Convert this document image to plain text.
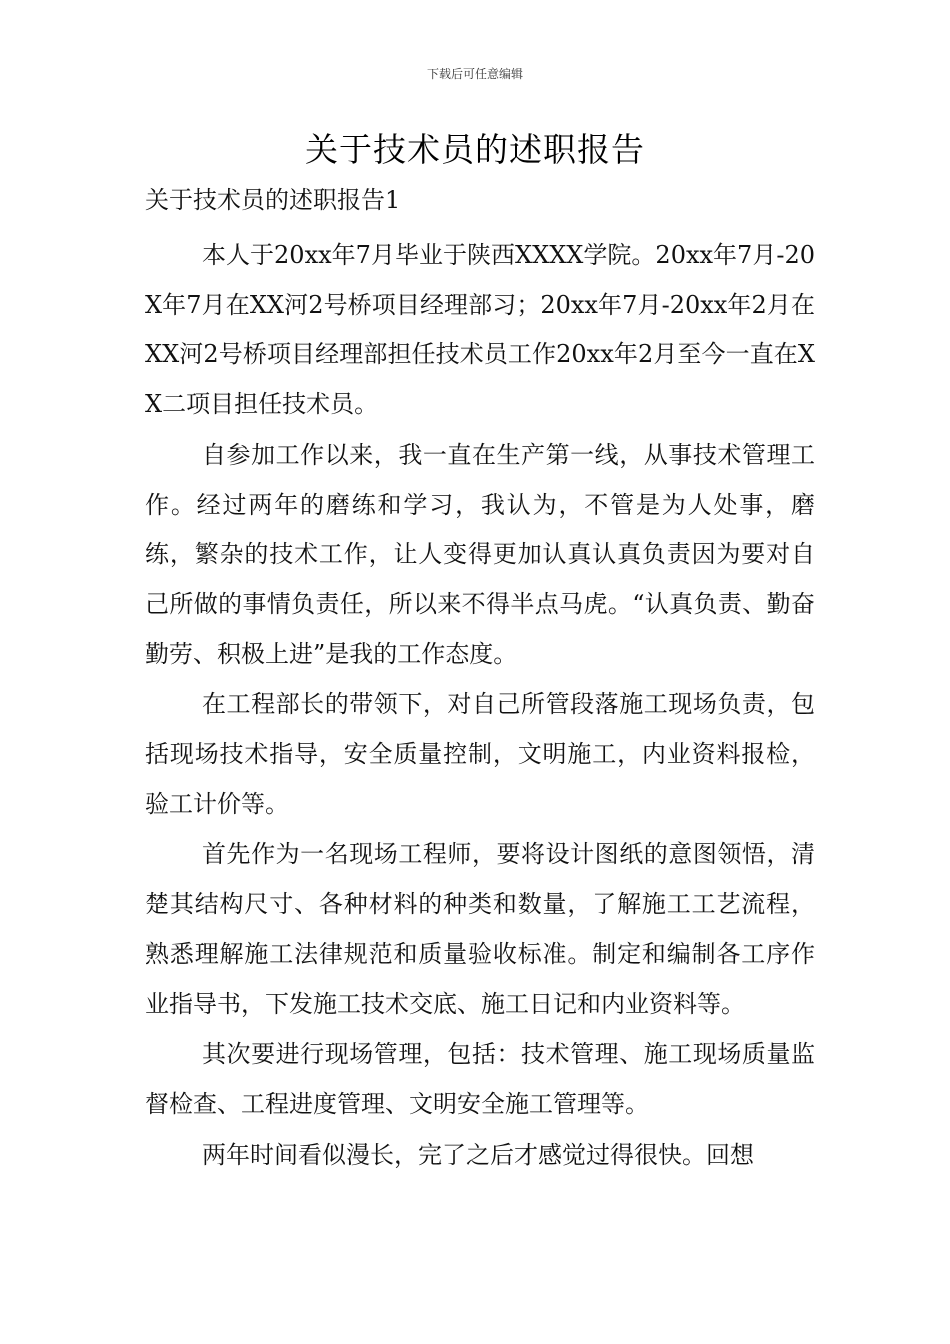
下载后可任意编辑
关于技术员的述职报告

关于技术员的述职报告1

本人于20xx年7月毕业于陕西XXXX学院。20xx年7月-20X年7月在XX河2号桥项目经理部习；20xx年7月-20xx年2月在XX河2号桥项目经理部担任技术员工作20xx年2月至今一直在XX二项目担任技术员。

自参加工作以来，我一直在生产第一线，从事技术管理工作。经过两年的磨练和学习，我认为，不管是为人处事，磨练，繁杂的技术工作，让人变得更加认真认真负责因为要对自己所做的事情负责任，所以来不得半点马虎。“认真负责、勤奋勤劳、积极上进”是我的工作态度。

在工程部长的带领下，对自己所管段落施工现场负责，包括现场技术指导，安全质量控制，文明施工，内业资料报检，验工计价等。

首先作为一名现场工程师，要将设计图纸的意图领悟，清楚其结构尺寸、各种材料的种类和数量，了解施工工艺流程，熟悉理解施工法律规范和质量验收标准。制定和编制各工序作业指导书，下发施工技术交底、施工日记和内业资料等。

其次要进行现场管理，包括：技术管理、施工现场质量监督检查、工程进度管理、文明安全施工管理等。

两年时间看似漫长，完了之后才感觉过得很快。回想
